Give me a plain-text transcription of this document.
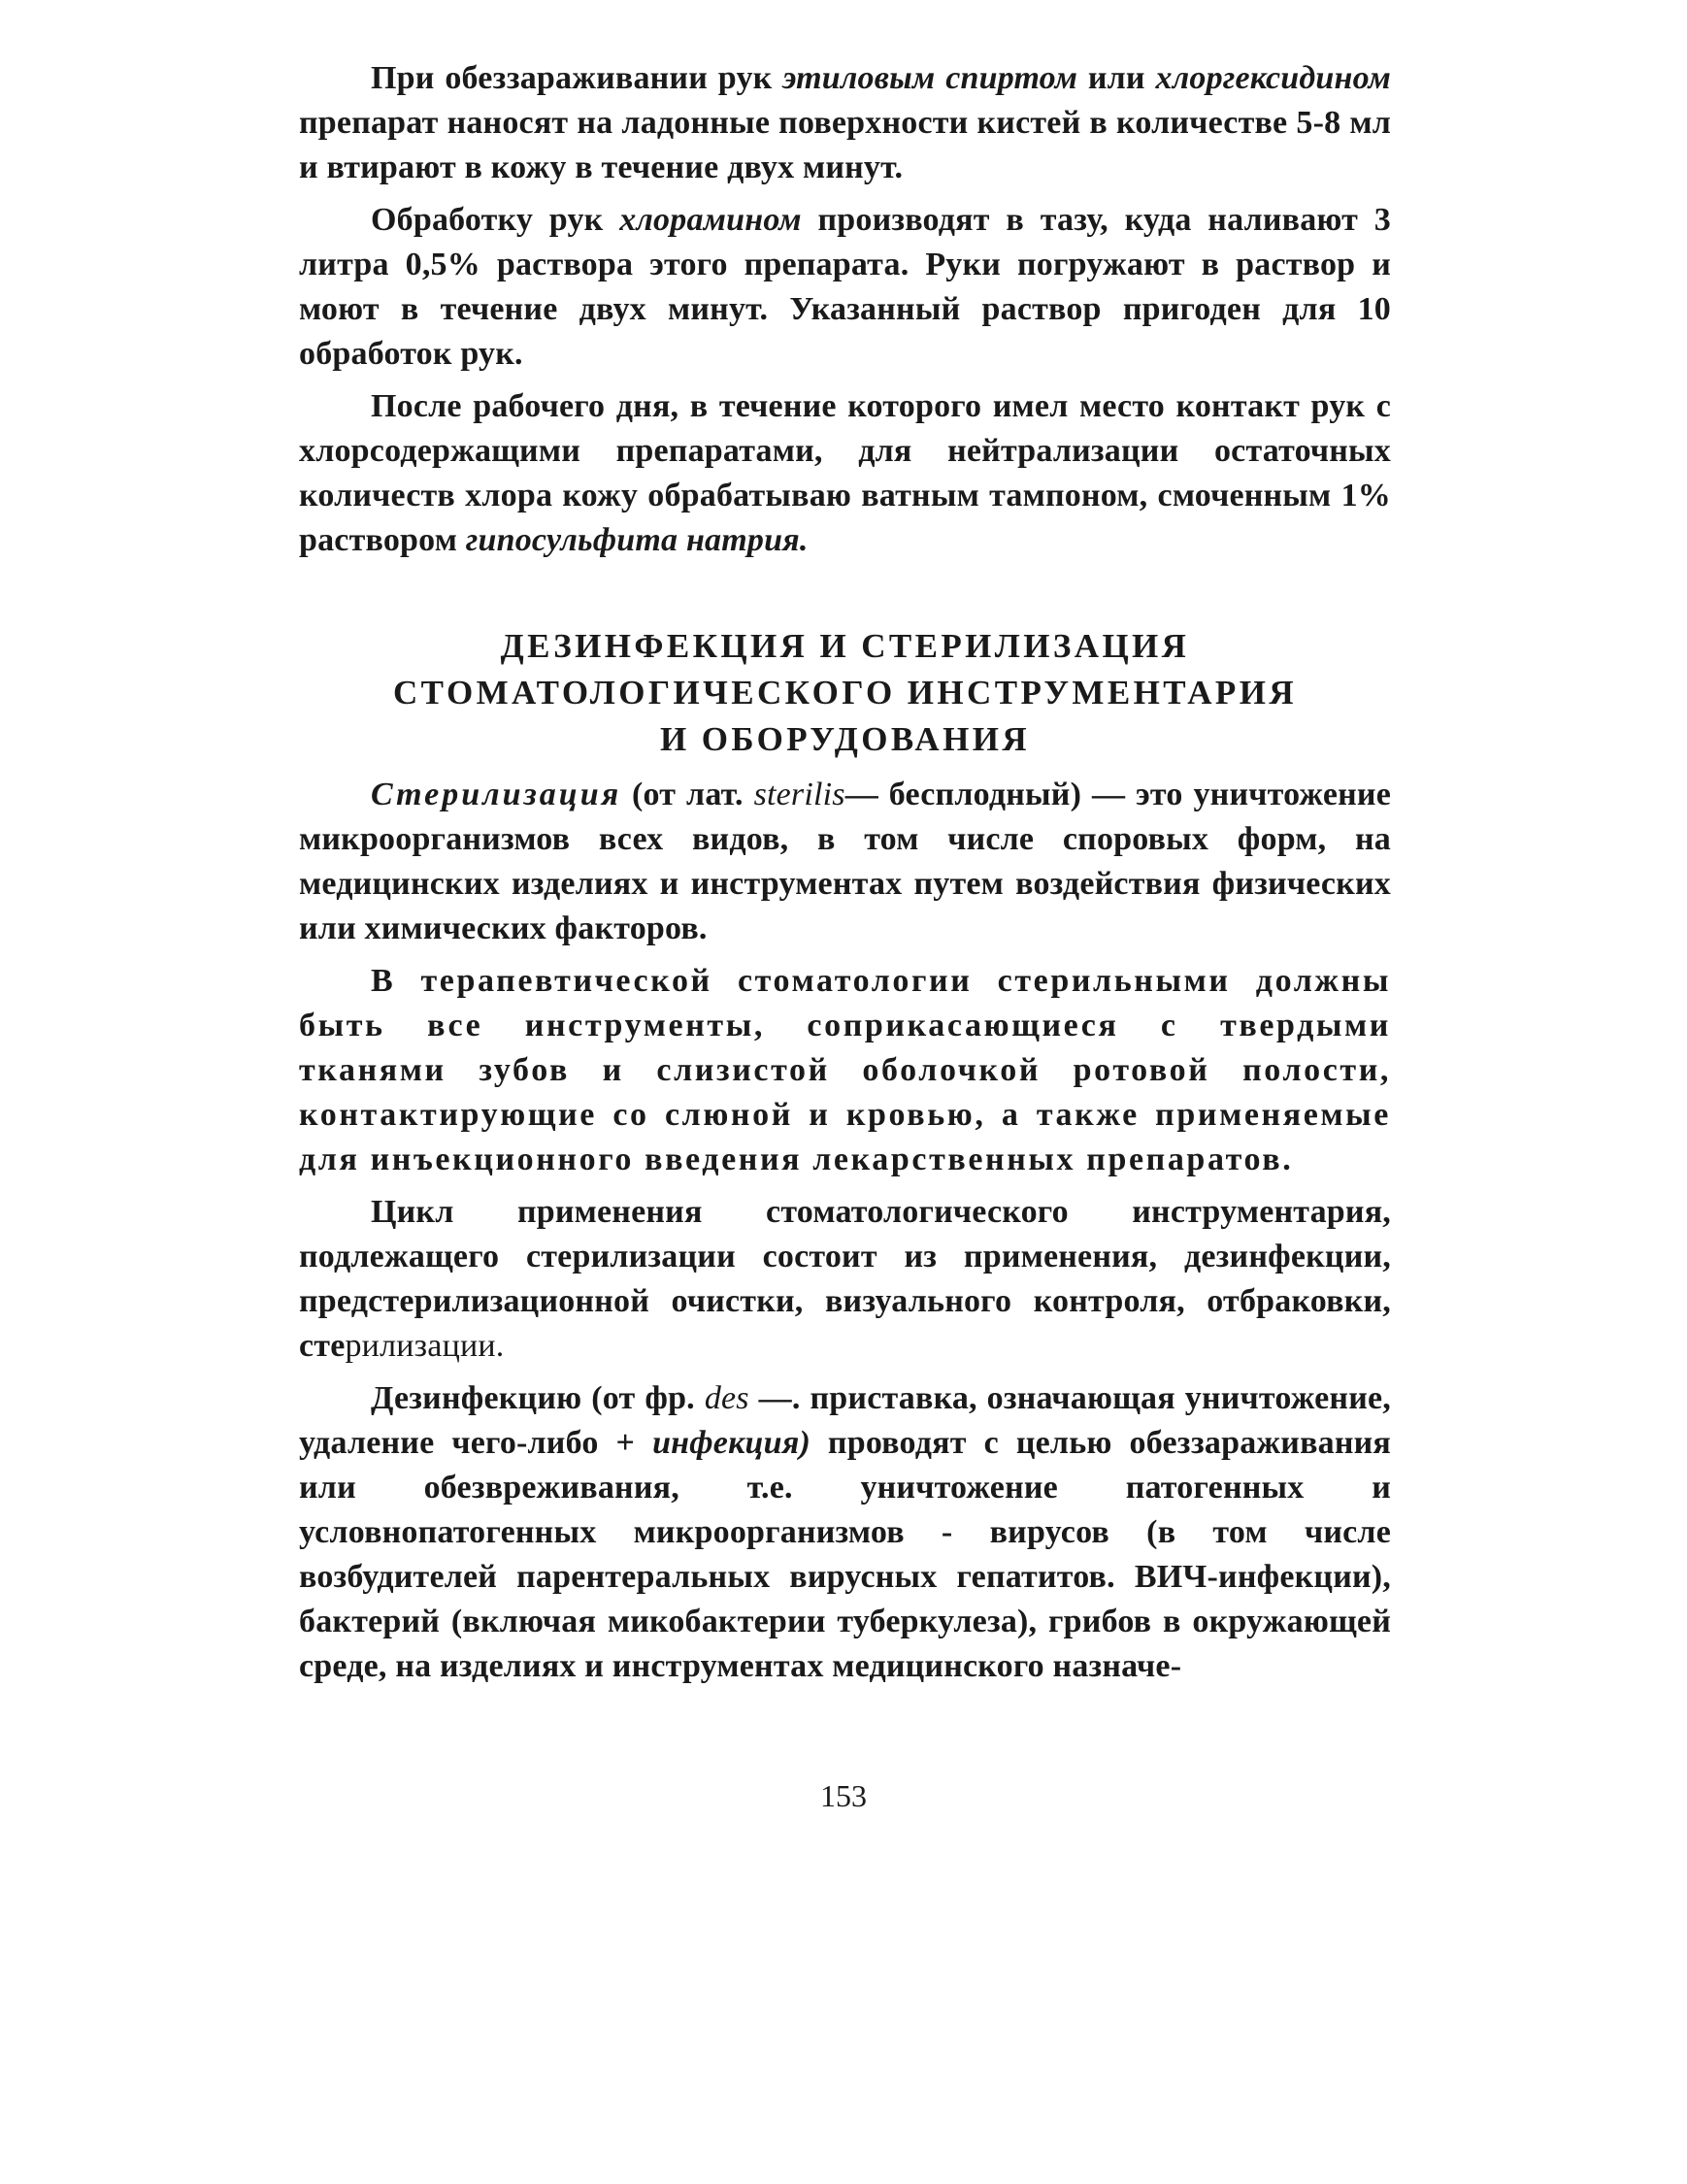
При обеззараживании рук этиловым спиртом или хлоргексидином препарат наносят на ладонные поверхности кистей в количестве 5-8 мл и втирают в кожу в течение двух минут.

Обработку рук хлорамином производят в тазу, куда наливают 3 литра 0,5% раствора этого препарата. Руки погружают в раствор и моют в течение двух минут. Указанный раствор пригоден для 10 обработок рук.

После рабочего дня, в течение которого имел место контакт рук с хлорсодержащими препаратами, для нейтрализации остаточных количеств хлора кожу обрабатываю ватным тампоном, смоченным 1% раствором гипосульфита натрия.

ДЕЗИНФЕКЦИЯ И СТЕРИЛИЗАЦИЯ
СТОМАТОЛОГИЧЕСКОГО ИНСТРУМЕНТАРИЯ
И ОБОРУДОВАНИЯ

Стерилизация (от лат. sterilis— бесплодный) — это уничтожение микроорганизмов всех видов, в том числе споровых форм, на медицинских изделиях и инструментах путем воздействия физических или химических факторов.

В терапевтической стоматологии стерильными должны быть все инструменты, соприкасающиеся с твердыми тканями зубов и слизистой оболочкой ротовой полости, контактирующие со слюной и кровью, а также применяемые для инъекционного введения лекарственных препаратов.

Цикл применения стоматологического инструментария, подлежащего стерилизации состоит из применения, дезинфекции, предстерилизационной очистки, визуального контроля, отбраковки, стерилизации.

Дезинфекцию (от фр. des —. приставка, означающая уничтожение, удаление чего-либо + инфекция) проводят с целью обеззараживания или обезвреживания, т.е. уничтожение патогенных и условнопатогенных микроорганизмов - вирусов (в том числе возбудителей парентеральных вирусных гепатитов. ВИЧ-инфекции), бактерий (включая микобактерии туберкулеза), грибов в окружающей среде, на изделиях и инструментах медицинского назначе-

153
